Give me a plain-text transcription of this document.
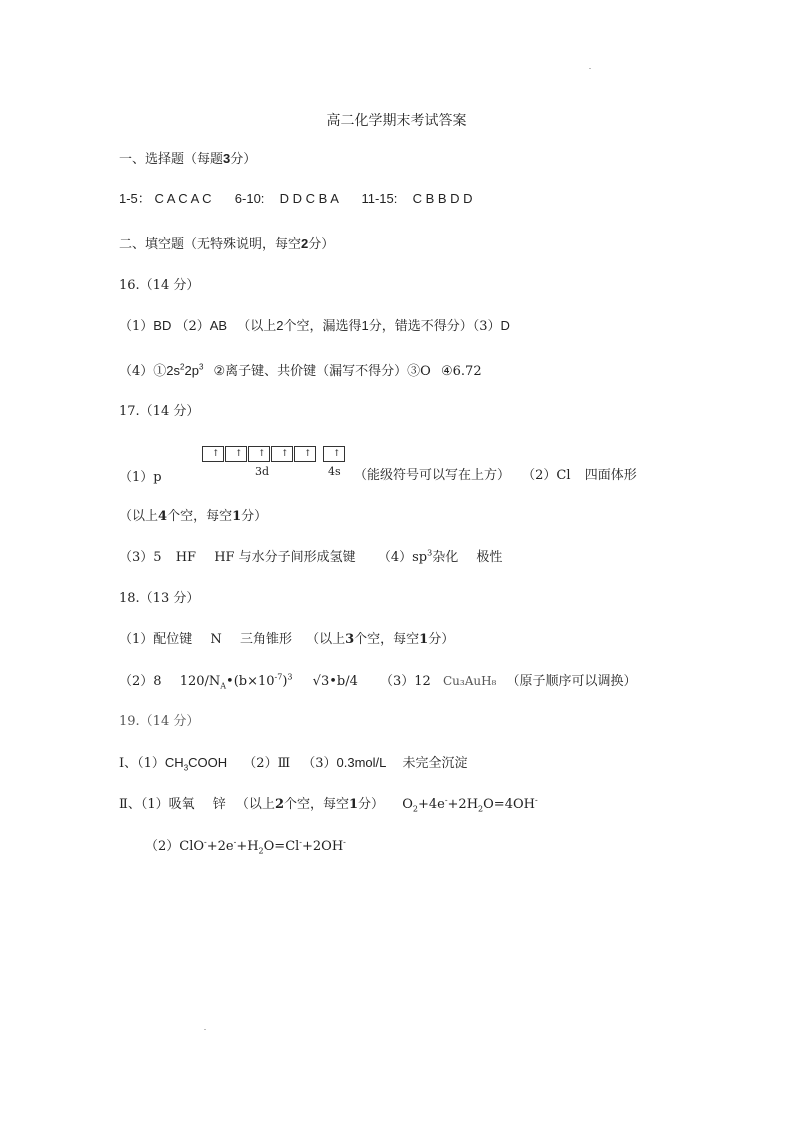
高二化学期末考试答案
一、选择题（每题3分）
1-5： C A C A C 6-10: D D C B A 11-15: C B B D D
二、填空题（无特殊说明，每空2分）
16.（14 分）
（1）BD （2）AB （以上2个空，漏选得1分，错选不得分）（3）D
$(4)①2s^22p^3$ ②离子键、共价键（漏写不得分）③O ④6.72
17.（14 分）
↑ ↑ ↑ ↑ ↑ ↑
3d	4s
（1）p	（能级符号可以写在上方） （2）Cl 四面体形
（以上4个空，每空1分）
（3）5 HF HF 与水分子间形成氢键 $(4)sp^3$杂化 极性
18.（13 分）
（1）配位键 N 三角锥形 （以上3个空，每空1分）
（2）8 $120/N_A•(b\times 10^{-7})^3$ √3•b/4 （3）12 Cu₃AuH₈ （原子顺序可以调换）
19.（14 分）
Ⅰ、$(1)CH_3COOH$ （2）Ⅲ （3）0.3mol/L 未完全沉淀
Ⅱ、（1）吸氧 锌 （以上2个空，每空1分） $O_2+4e^-+2H_2O=4OH^-$
$(2)ClO^-+2e^-+H_2O=Cl^-+2OH^-$
